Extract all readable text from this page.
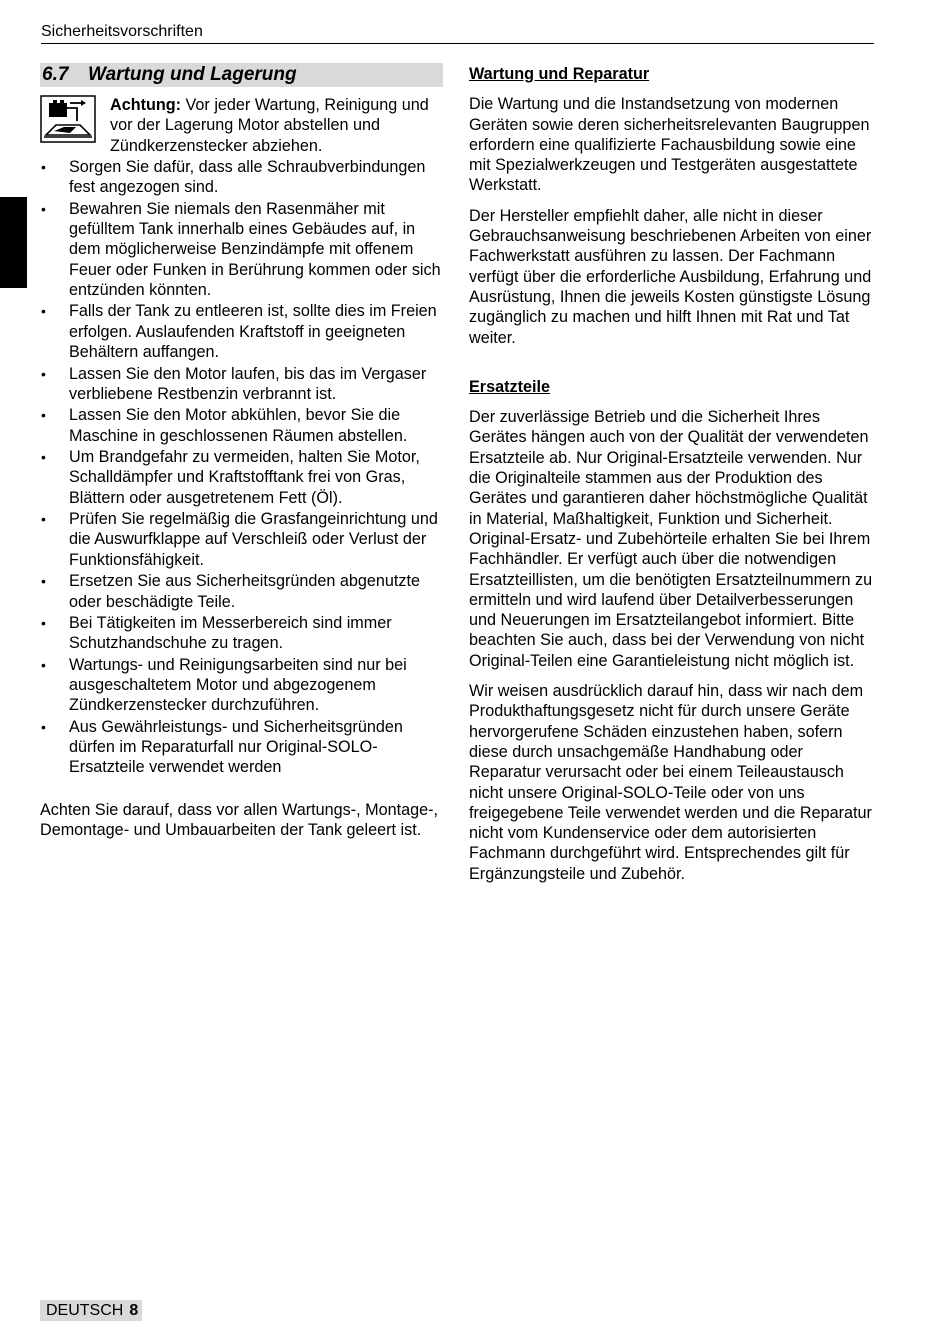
Sicherheitsvorschriften
6.7 Wartung und Lagerung
Achtung: Vor jeder Wartung, Reinigung und vor der Lagerung Motor abstellen und Zündkerzenstecker abziehen.
• Sorgen Sie dafür, dass alle Schraubverbindungen fest angezogen sind.
• Bewahren Sie niemals den Rasenmäher mit gefülltem Tank innerhalb eines Gebäudes auf, in dem möglicherweise Benzindämpfe mit offenem Feuer oder Funken in Berührung kommen oder sich entzünden könnten.
• Falls der Tank zu entleeren ist, sollte dies im Freien erfolgen. Auslaufenden Kraftstoff in geeigneten Behältern auffangen.
• Lassen Sie den Motor laufen, bis das im Vergaser verbliebene Restbenzin verbrannt ist.
• Lassen Sie den Motor abkühlen, bevor Sie die Maschine in geschlossenen Räumen abstellen.
• Um Brandgefahr zu vermeiden, halten Sie Motor, Schalldämpfer und Kraftstofftank frei von Gras, Blättern oder ausgetretenem Fett (Öl).
• Prüfen Sie regelmäßig die Grasfangeinrichtung und die Auswurfklappe auf Verschleiß oder Verlust der Funktionsfähigkeit.
• Ersetzen Sie aus Sicherheitsgründen abgenutzte oder beschädigte Teile.
• Bei Tätigkeiten im Messerbereich sind immer Schutzhandschuhe zu tragen.
• Wartungs- und Reinigungsarbeiten sind nur bei ausgeschaltetem Motor und abgezogenem Zündkerzenstecker durchzuführen.
• Aus Gewährleistungs- und Sicherheitsgründen dürfen im Reparaturfall nur Original-SOLO-Ersatzteile verwendet werden

Achten Sie darauf, dass vor allen Wartungs-, Montage-, Demontage- und Umbauarbeiten der Tank geleert ist.

Wartung und Reparatur

Die Wartung und die Instandsetzung von modernen Geräten sowie deren sicherheitsrelevanten Baugruppen erfordern eine qualifizierte Fachausbildung sowie eine mit Spezialwerkzeugen und Testgeräten ausgestattete Werkstatt.

Der Hersteller empfiehlt daher, alle nicht in dieser Gebrauchsanweisung beschriebenen Arbeiten von einer Fachwerkstatt ausführen zu lassen. Der Fachmann verfügt über die erforderliche Ausbildung, Erfahrung und Ausrüstung, Ihnen die jeweils Kosten günstigste Lösung zugänglich zu machen und hilft Ihnen mit Rat und Tat weiter.

Ersatzteile

Der zuverlässige Betrieb und die Sicherheit Ihres Gerätes hängen auch von der Qualität der verwendeten Ersatzteile ab. Nur Original-Ersatzteile verwenden. Nur die Originalteile stammen aus der Produktion des Gerätes und garantieren daher höchstmögliche Qualität in Material, Maßhaltigkeit, Funktion und Sicherheit. Original-Ersatz- und Zubehörteile erhalten Sie bei Ihrem Fachhändler. Er verfügt auch über die notwendigen Ersatzteillisten, um die benötigten Ersatzteilnummern zu ermitteln und wird laufend über Detailverbesserungen und Neuerungen im Ersatzteilangebot informiert. Bitte beachten Sie auch, dass bei der Verwendung von nicht Original-Teilen eine Garantieleistung nicht möglich ist.

Wir weisen ausdrücklich darauf hin, dass wir nach dem Produkthaftungsgesetz nicht für durch unsere Geräte hervorgerufene Schäden einzustehen haben, sofern diese durch unsachgemäße Handhabung oder Reparatur verursacht oder bei einem Teileaustausch nicht unsere Original-SOLO-Teile oder von uns freigegebene Teile verwendet werden und die Reparatur nicht vom Kundenservice oder dem autorisierten Fachmann durchgeführt wird. Entsprechendes gilt für Ergänzungsteile und Zubehör.

DEUTSCH 8
